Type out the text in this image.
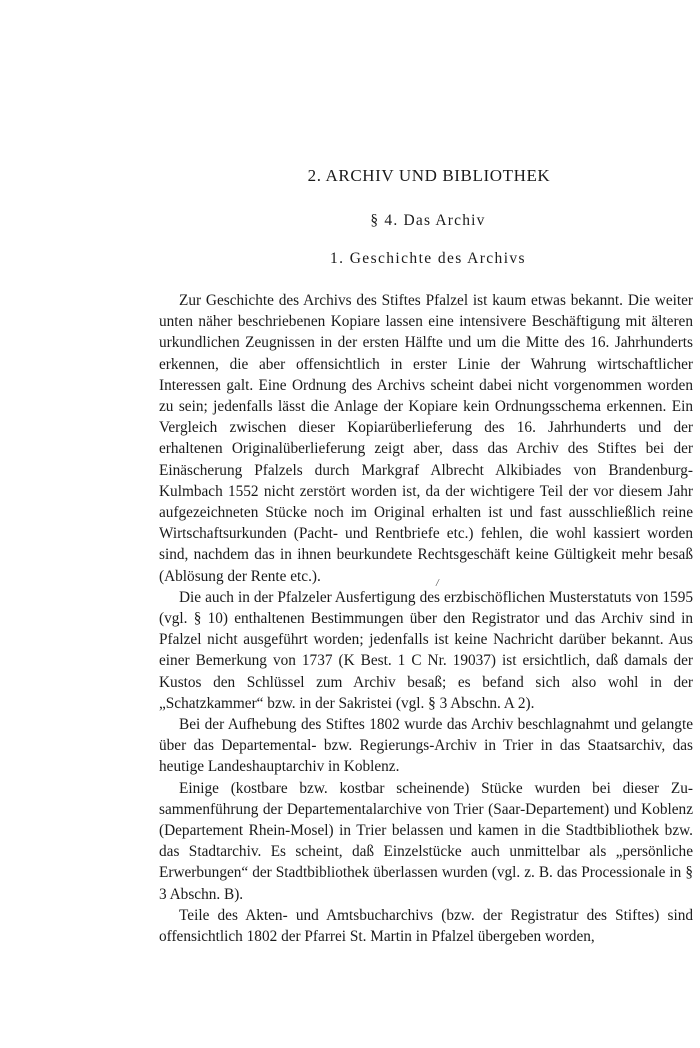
2. ARCHIV UND BIBLIOTHEK
§ 4. Das Archiv
1. Geschichte des Archivs

Zur Geschichte des Archivs des Stiftes Pfalzel ist kaum etwas bekannt. Die weiter unten näher beschriebenen Kopiare lassen eine intensivere Beschäftigung mit älteren urkundlichen Zeugnissen in der ersten Hälfte und um die Mitte des 16. Jahrhunderts erkennen, die aber offensichtlich in erster Linie der Wahrung wirtschaftlicher Interessen galt. Eine Ordnung des Archivs scheint dabei nicht vorgenommen worden zu sein; jedenfalls lässt die Anlage der Kopiare kein Ordnungsschema erkennen. Ein Vergleich zwischen dieser Kopiarüberlieferung des 16. Jahrhunderts und der erhaltenen Originalüberlieferung zeigt aber, dass das Archiv des Stiftes bei der Einäscherung Pfalzels durch Markgraf Albrecht Alkibiades von Brandenburg-Kulmbach 1552 nicht zerstört worden ist, da der wichtigere Teil der vor diesem Jahr aufgezeichneten Stücke noch im Original erhalten ist und fast ausschließlich reine Wirtschaftsurkunden (Pacht- und Rentbriefe etc.) fehlen, die wohl kassiert worden sind, nachdem das in ihnen beurkundete Rechtsgeschäft keine Gültigkeit mehr besaß (Ablösung der Rente etc.).

Die auch in der Pfalzeler Ausfertigung des erzbischöflichen Musterstatuts von 1595 (vgl. § 10) enthaltenen Bestimmungen über den Registrator und das Archiv sind in Pfalzel nicht ausgeführt worden; jedenfalls ist keine Nachricht darüber bekannt. Aus einer Bemerkung von 1737 (K Best. 1 C Nr. 19037) ist ersichtlich, daß damals der Kustos den Schlüssel zum Archiv besaß; es befand sich also wohl in der „Schatzkammer“ bzw. in der Sakristei (vgl. § 3 Abschn. A 2).

Bei der Aufhebung des Stiftes 1802 wurde das Archiv beschlagnahmt und gelangte über das Departemental- bzw. Regierungs-Archiv in Trier in das Staatsarchiv, das heutige Landeshauptarchiv in Koblenz.

Einige (kostbare bzw. kostbar scheinende) Stücke wurden bei dieser Zusammenführung der Departementalarchive von Trier (Saar-Departement) und Koblenz (Departement Rhein-Mosel) in Trier belassen und kamen in die Stadtbibliothek bzw. das Stadtarchiv. Es scheint, daß Einzelstücke auch unmittelbar als „persönliche Erwerbungen“ der Stadtbibliothek überlassen wurden (vgl. z. B. das Processionale in § 3 Abschn. B).

Teile des Akten- und Amtsbucharchivs (bzw. der Registratur des Stiftes) sind offensichtlich 1802 der Pfarrei St. Martin in Pfalzel übergeben worden,

/
